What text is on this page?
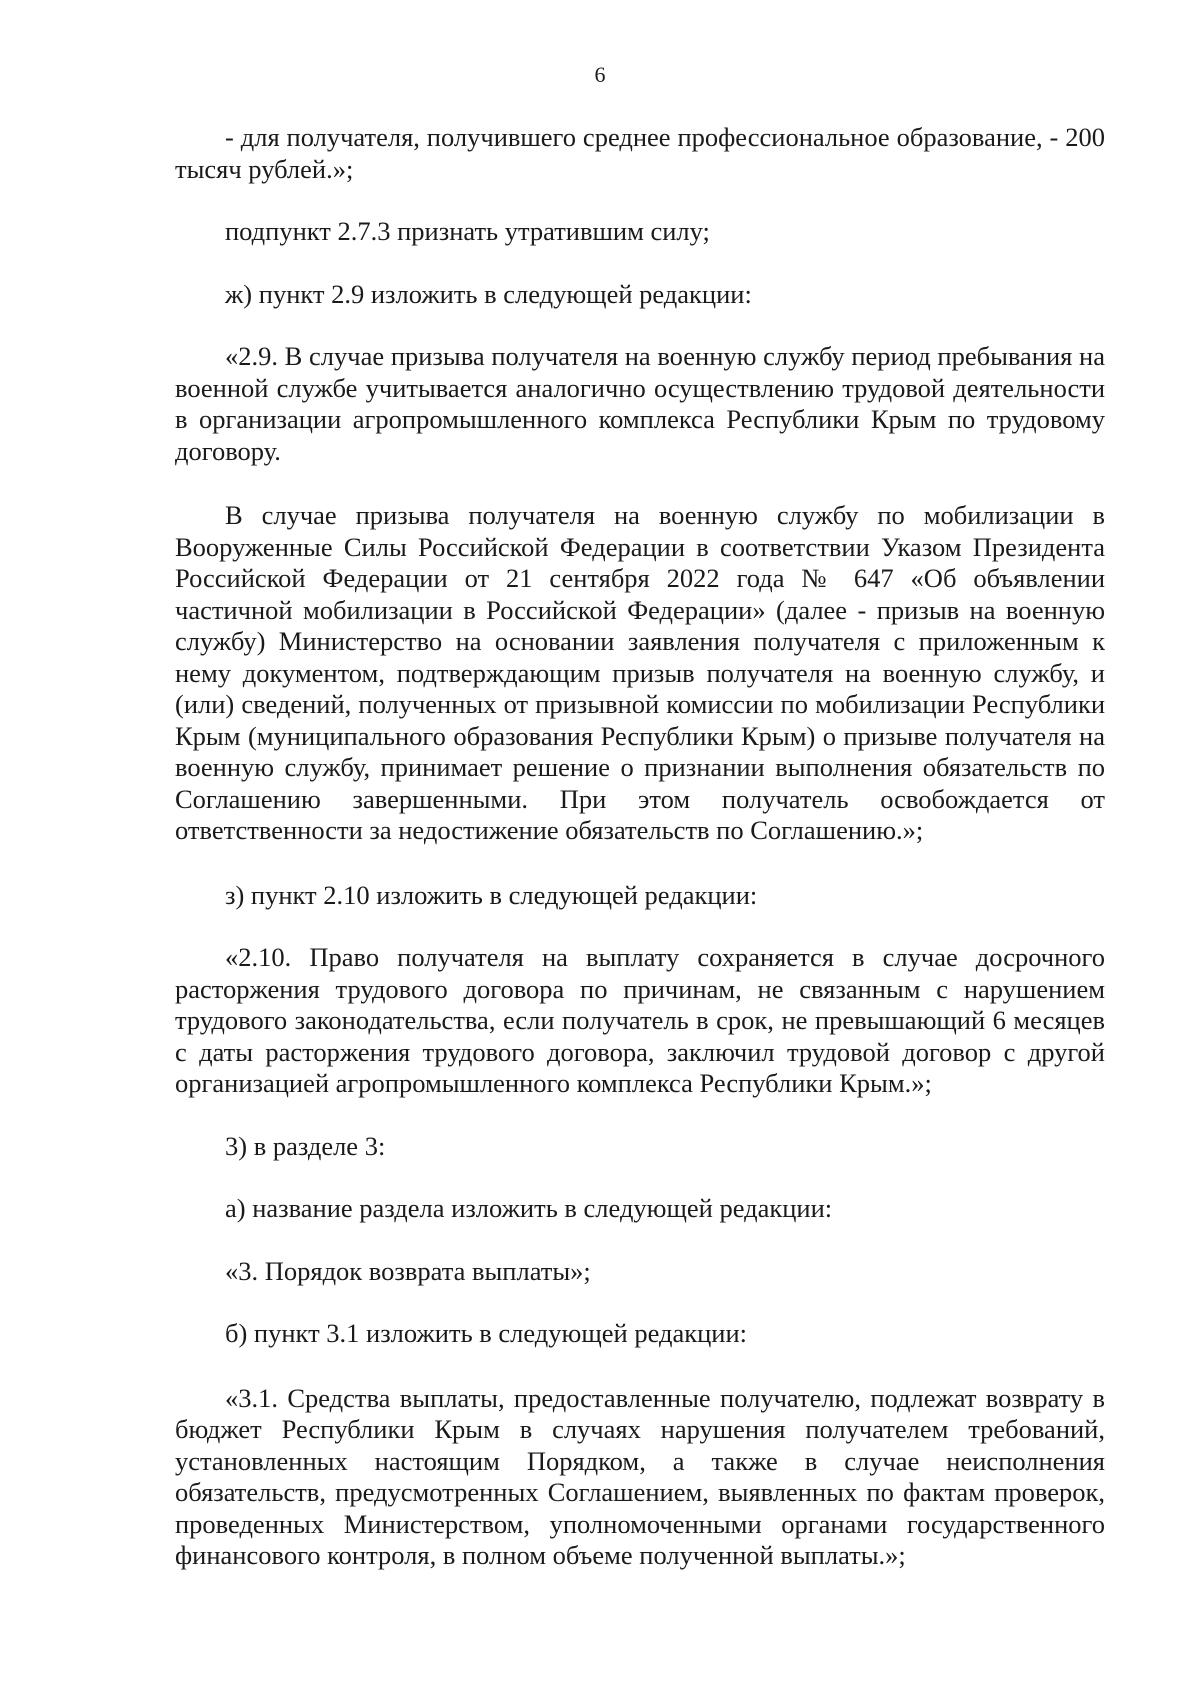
6

- для получателя, получившего среднее профессиональное образование, - 200 тысяч рублей.»;

подпункт 2.7.3 признать утратившим силу;

ж) пункт 2.9 изложить в следующей редакции:

«2.9. В случае призыва получателя на военную службу период пребывания на военной службе учитывается аналогично осуществлению трудовой деятельности в организации агропромышленного комплекса Республики Крым по трудовому договору.

В случае призыва получателя на военную службу по мобилизации в Вооруженные Силы Российской Федерации в соответствии Указом Президента Российской Федерации от 21 сентября 2022 года № 647 «Об объявлении частичной мобилизации в Российской Федерации» (далее - призыв на военную службу) Министерство на основании заявления получателя с приложенным к нему документом, подтверждающим призыв получателя на военную службу, и (или) сведений, полученных от призывной комиссии по мобилизации Республики Крым (муниципального образования Республики Крым) о призыве получателя на военную службу, принимает решение о признании выполнения обязательств по Соглашению завершенными. При этом получатель освобождается от ответственности за недостижение обязательств по Соглашению.»;

з) пункт 2.10 изложить в следующей редакции:

«2.10. Право получателя на выплату сохраняется в случае досрочного расторжения трудового договора по причинам, не связанным с нарушением трудового законодательства, если получатель в срок, не превышающий 6 месяцев с даты расторжения трудового договора, заключил трудовой договор с другой организацией агропромышленного комплекса Республики Крым.»;

3) в разделе 3:

а) название раздела изложить в следующей редакции:

«3. Порядок возврата выплаты»;

б) пункт 3.1 изложить в следующей редакции:

«3.1. Средства выплаты, предоставленные получателю, подлежат возврату в бюджет Республики Крым в случаях нарушения получателем требований, установленных настоящим Порядком, а также в случае неисполнения обязательств, предусмотренных Соглашением, выявленных по фактам проверок, проведенных Министерством, уполномоченными органами государственного финансового контроля, в полном объеме полученной выплаты.»;
